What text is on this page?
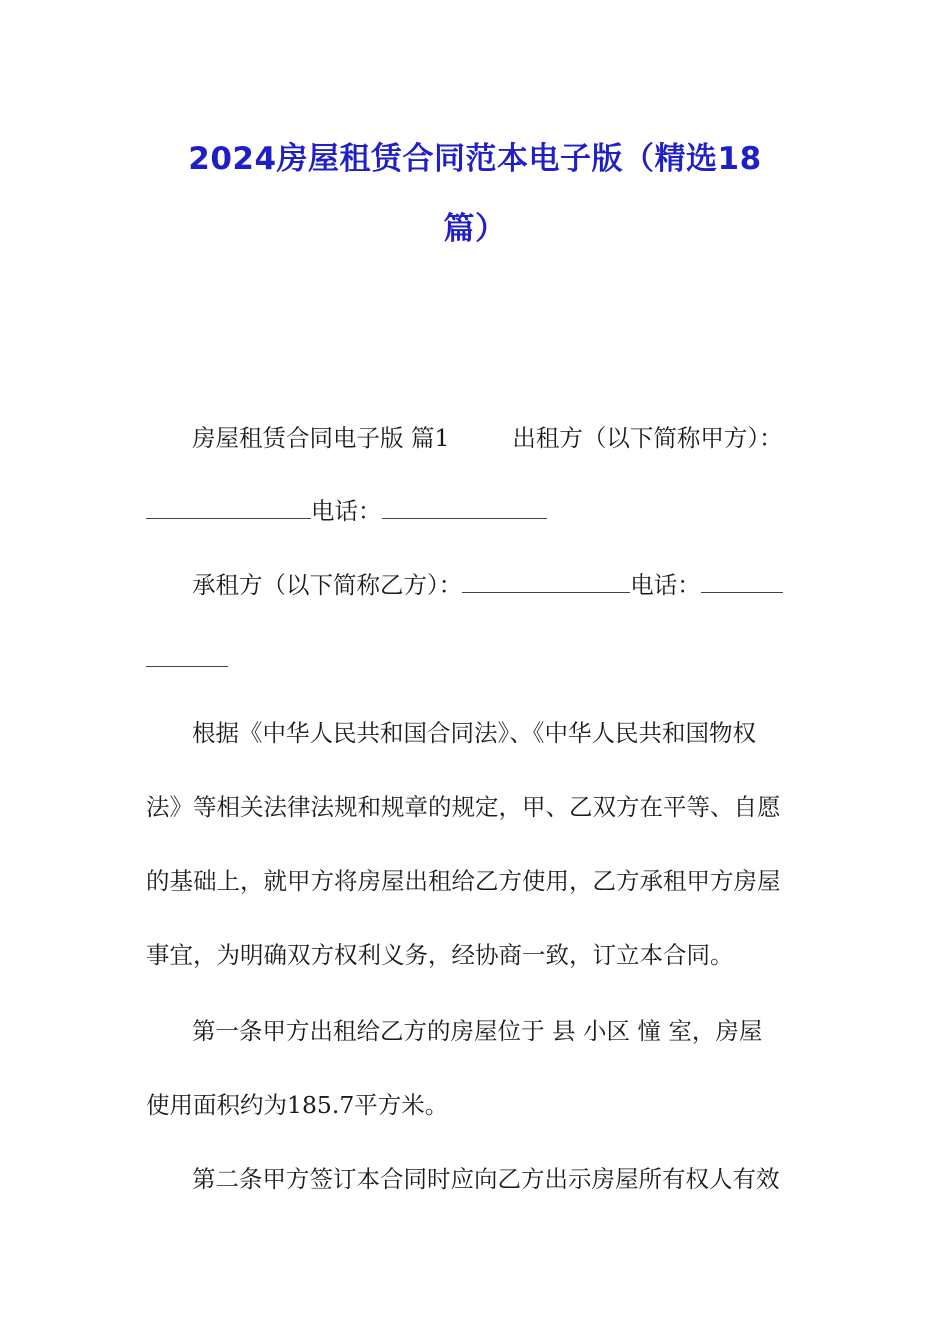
2024房屋租赁合同范本电子版（精选18
篇）
房屋租赁合同电子版 篇1	出租方（以下简称甲方）：
电话：
承租方（以下简称乙方）：	电话：
根据《中华人民共和国合同法》、《中华人民共和国物权
法》等相关法律法规和规章的规定，甲、乙双方在平等、自愿
的基础上，就甲方将房屋出租给乙方使用，乙方承租甲方房屋
事宜，为明确双方权利义务，经协商一致，订立本合同。
第一条甲方出租给乙方的房屋位于 县 小区 憧 室，房屋
使用面积约为185.7平方米。
第二条甲方签订本合同时应向乙方出示房屋所有权人有效
